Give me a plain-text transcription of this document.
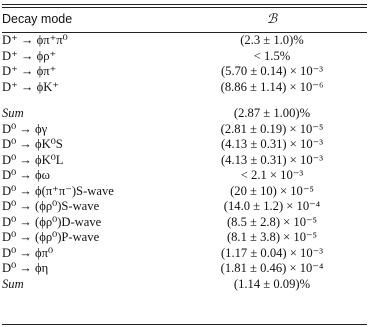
Decay mode	ℬ
D⁺ → ϕπ⁺π⁰	(2.3 ± 1.0)%
D⁺ → ϕρ⁺	< 1.5%
D⁺ → ϕπ⁺	(5.70 ± 0.14) × 10⁻³
D⁺ → ϕK⁺	(8.86 ± 1.14) × 10⁻⁶

Sum	(2.87 ± 1.00)%
D⁰ → ϕγ	(2.81 ± 0.19) × 10⁻⁵
D⁰ → ϕK⁰S	(4.13 ± 0.31) × 10⁻³
D⁰ → ϕK⁰L	(4.13 ± 0.31) × 10⁻³
D⁰ → ϕω	< 2.1 × 10⁻³
D⁰ → ϕ(π⁺π⁻)S-wave	(20 ± 10) × 10⁻⁵
D⁰ → (ϕρ⁰)S-wave	(14.0 ± 1.2) × 10⁻⁴
D⁰ → (ϕρ⁰)D-wave	(8.5 ± 2.8) × 10⁻⁵
D⁰ → (ϕρ⁰)P-wave	(8.1 ± 3.8) × 10⁻⁵
D⁰ → ϕπ⁰	(1.17 ± 0.04) × 10⁻³
D⁰ → ϕη	(1.81 ± 0.46) × 10⁻⁴
Sum	(1.14 ± 0.09)%
